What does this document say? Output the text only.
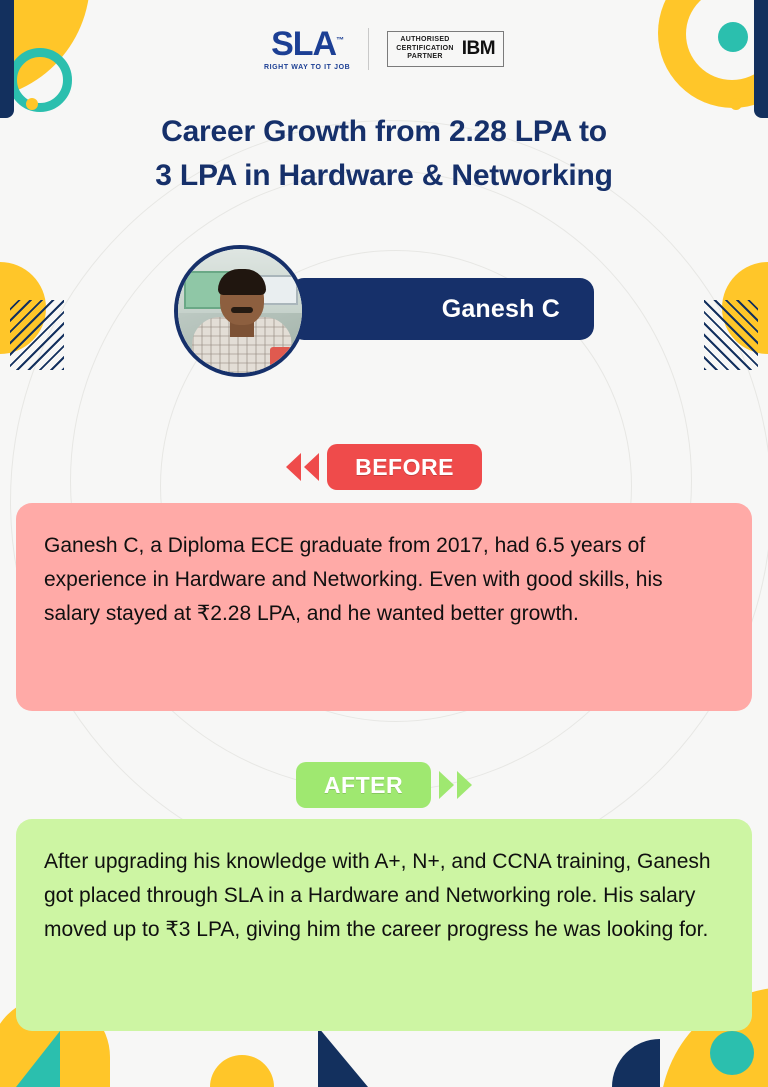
SLA™
RIGHT WAY TO IT JOB
AUTHORISED
CERTIFICATION
PARTNER	IBM
Career Growth from 2.28 LPA to
3 LPA in Hardware & Networking
Ganesh C
BEFORE

Ganesh C, a Diploma ECE graduate from 2017, had 6.5 years of experience in Hardware and Networking. Even with good skills, his salary stayed at ₹2.28 LPA, and he wanted better growth.

AFTER

After upgrading his knowledge with A+, N+, and CCNA training, Ganesh got placed through SLA in a Hardware and Networking role. His salary moved up to ₹3 LPA, giving him the career progress he was looking for.
